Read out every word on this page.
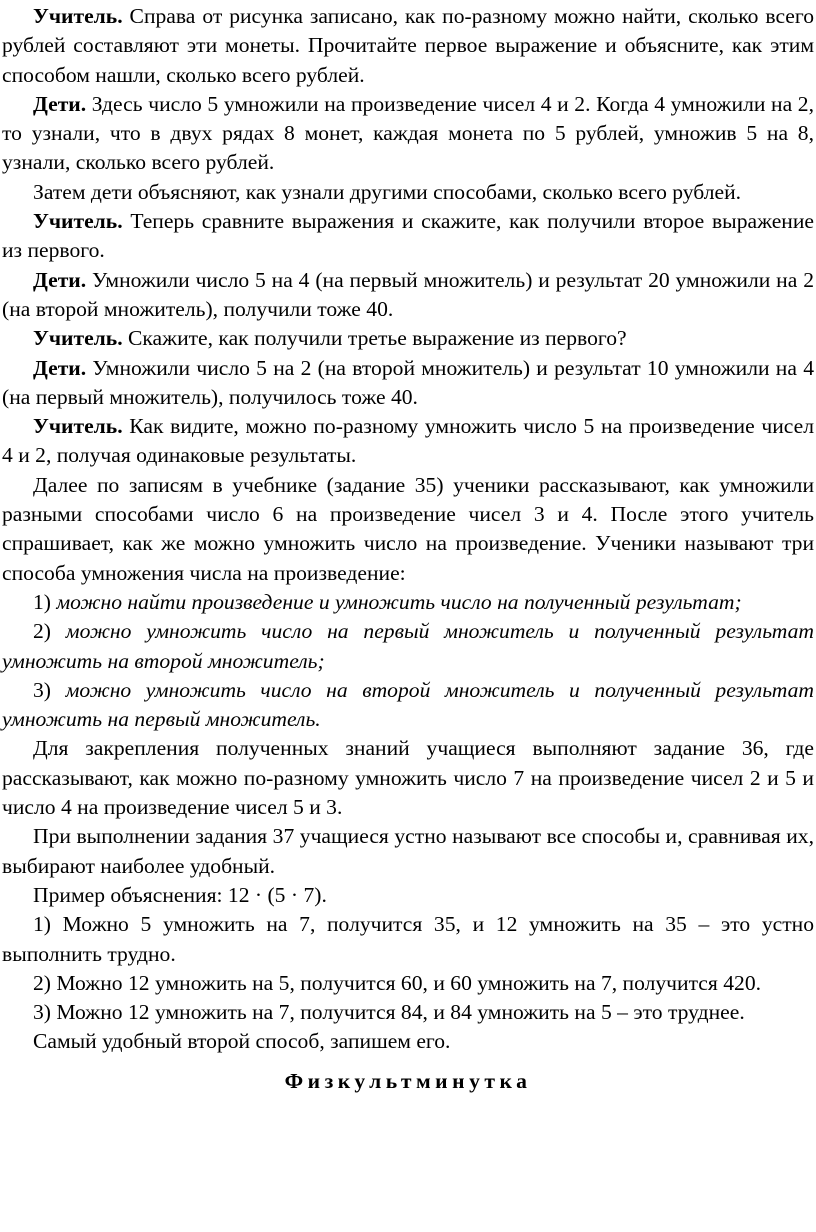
Учитель. Справа от рисунка записано, как по-разному можно найти, сколько всего рублей составляют эти монеты. Прочитайте первое выражение и объясните, как этим способом нашли, сколько всего рублей.

Дети. Здесь число 5 умножили на произведение чисел 4 и 2. Когда 4 умножили на 2, то узнали, что в двух рядах 8 монет, каждая монета по 5 рублей, умножив 5 на 8, узнали, сколько всего рублей.

Затем дети объясняют, как узнали другими способами, сколько всего рублей.

Учитель. Теперь сравните выражения и скажите, как получили второе выражение из первого.

Дети. Умножили число 5 на 4 (на первый множитель) и результат 20 умножили на 2 (на второй множитель), получили тоже 40.

Учитель. Скажите, как получили третье выражение из первого?

Дети. Умножили число 5 на 2 (на второй множитель) и результат 10 умножили на 4 (на первый множитель), получилось тоже 40.

Учитель. Как видите, можно по-разному умножить число 5 на произведение чисел 4 и 2, получая одинаковые результаты.

Далее по записям в учебнике (задание 35) ученики рассказывают, как умножили разными способами число 6 на произведение чисел 3 и 4. После этого учитель спрашивает, как же можно умножить число на произведение. Ученики называют три способа умножения числа на произведение:

1) можно найти произведение и умножить число на полученный результат;

2) можно умножить число на первый множитель и полученный результат умножить на второй множитель;

3) можно умножить число на второй множитель и полученный результат умножить на первый множитель.

Для закрепления полученных знаний учащиеся выполняют задание 36, где рассказывают, как можно по-разному умножить число 7 на произведение чисел 2 и 5 и число 4 на произведение чисел 5 и 3.

При выполнении задания 37 учащиеся устно называют все способы и, сравнивая их, выбирают наиболее удобный.

Пример объяснения: 12 · (5 · 7).

1) Можно 5 умножить на 7, получится 35, и 12 умножить на 35 – это устно выполнить трудно.

2) Можно 12 умножить на 5, получится 60, и 60 умножить на 7, получится 420.

3) Можно 12 умножить на 7, получится 84, и 84 умножить на 5 – это труднее.

Самый удобный второй способ, запишем его.

Физкультминутка
